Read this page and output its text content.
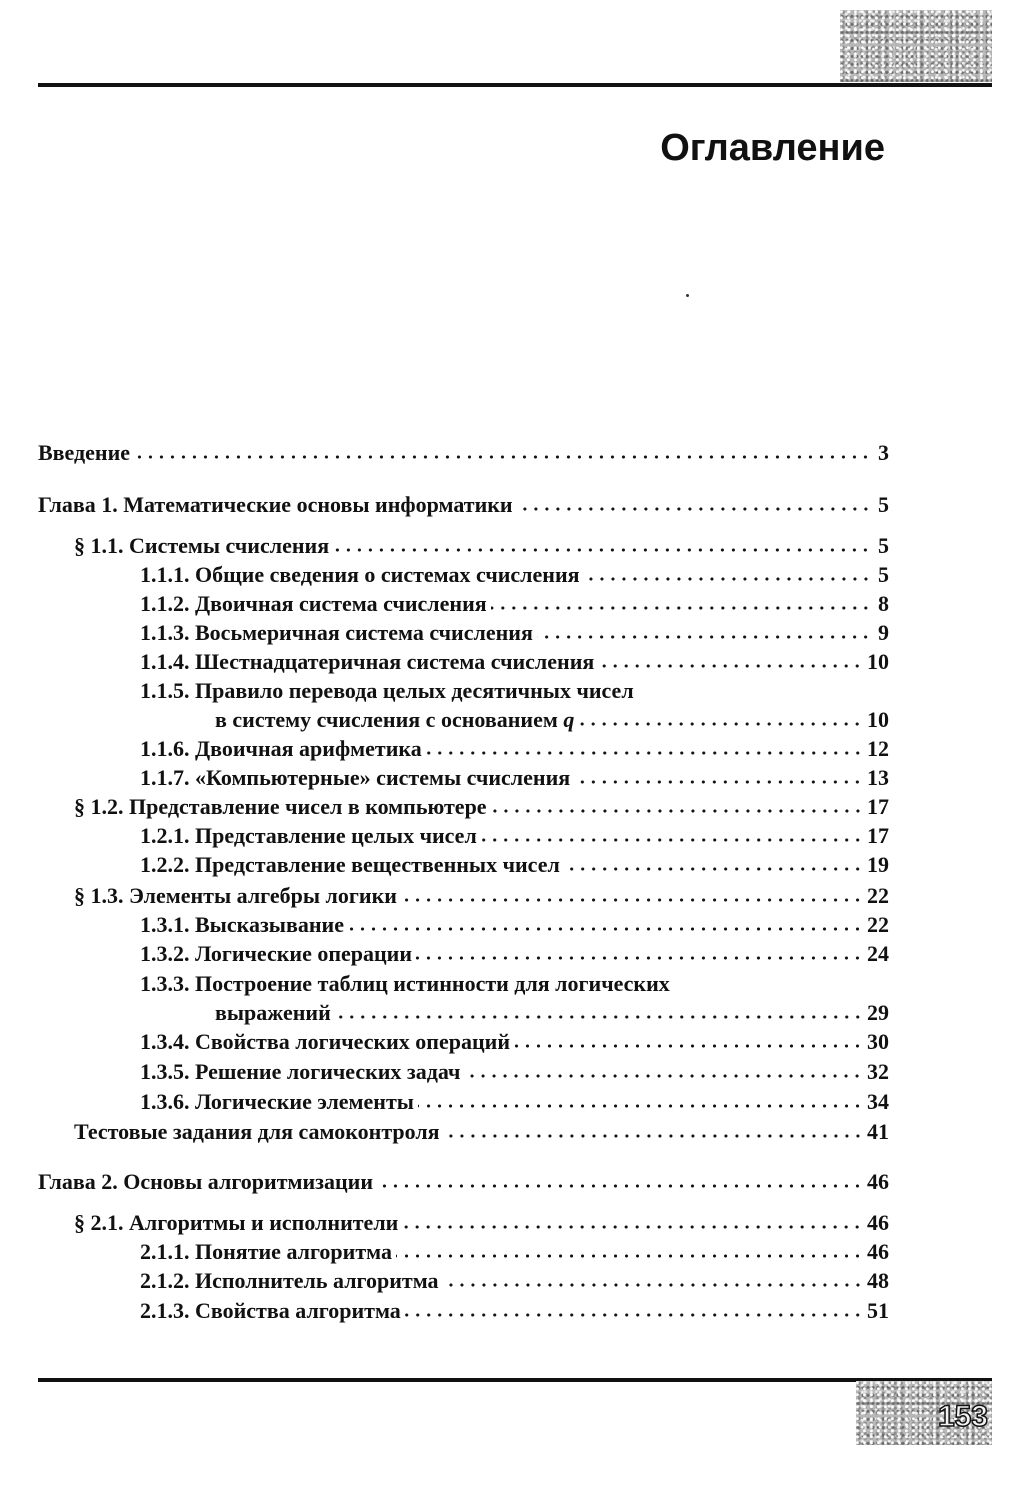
Оглавление
Введение	3
Глава 1. Математические основы информатики	5
§ 1.1. Системы счисления	5
1.1.1. Общие сведения о системах счисления	5
1.1.2. Двоичная система счисления	8
1.1.3. Восьмеричная система счисления	9
1.1.4. Шестнадцатеричная система счисления	10
1.1.5. Правило перевода целых десятичных чисел
в систему счисления с основанием q	10
1.1.6. Двоичная арифметика	12
1.1.7. «Компьютерные» системы счисления	13
§ 1.2. Представление чисел в компьютере	17
1.2.1. Представление целых чисел	17
1.2.2. Представление вещественных чисел	19
§ 1.3. Элементы алгебры логики	22
1.3.1. Высказывание	22
1.3.2. Логические операции	24
1.3.3. Построение таблиц истинности для логических
выражений	29
1.3.4. Свойства логических операций	30
1.3.5. Решение логических задач	32
1.3.6. Логические элементы	34
Тестовые задания для самоконтроля	41
Глава 2. Основы алгоритмизации	46
§ 2.1. Алгоритмы и исполнители	46
2.1.1. Понятие алгоритма	46
2.1.2. Исполнитель алгоритма	48
2.1.3. Свойства алгоритма	51
153
